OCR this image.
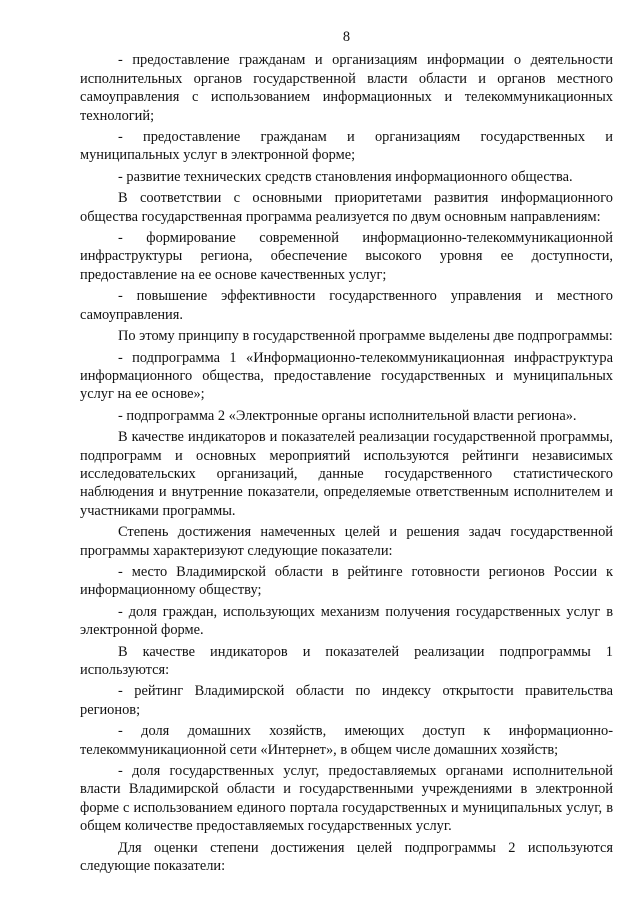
8

- предоставление гражданам и организациям информации о деятельности исполнительных органов государственной власти области и органов местного самоуправления с использованием информационных и телекоммуникационных технологий;

- предоставление гражданам и организациям государственных и муниципальных услуг в электронной форме;

- развитие технических средств становления информационного общества.

В соответствии с основными приоритетами развития информационного общества государственная программа реализуется по двум основным направлениям:

- формирование современной информационно-телекоммуникационной инфраструктуры региона, обеспечение высокого уровня ее доступности, предоставление на ее основе качественных услуг;

- повышение эффективности государственного управления и местного самоуправления.

По этому принципу в государственной программе выделены две подпрограммы:

- подпрограмма 1 «Информационно-телекоммуникационная инфраструктура информационного общества, предоставление государственных и муниципальных услуг на ее основе»;

- подпрограмма 2 «Электронные органы исполнительной власти региона».

В качестве индикаторов и показателей реализации государственной программы, подпрограмм и основных мероприятий используются рейтинги независимых исследовательских организаций, данные государственного статистического наблюдения и внутренние показатели, определяемые ответственным исполнителем и участниками программы.

Степень достижения намеченных целей и решения задач государственной программы характеризуют следующие показатели:

- место Владимирской области в рейтинге готовности регионов России к информационному обществу;

- доля граждан, использующих механизм получения государственных услуг в электронной форме.

В качестве индикаторов и показателей реализации подпрограммы 1 используются:

- рейтинг Владимирской области по индексу открытости правительства регионов;

- доля домашних хозяйств, имеющих доступ к информационно-телекоммуникационной сети «Интернет», в общем числе домашних хозяйств;

- доля государственных услуг, предоставляемых органами исполнительной власти Владимирской области и государственными учреждениями в электронной форме с использованием единого портала государственных и муниципальных услуг, в общем количестве предоставляемых государственных услуг.

Для оценки степени достижения целей подпрограммы 2 используются следующие показатели:
